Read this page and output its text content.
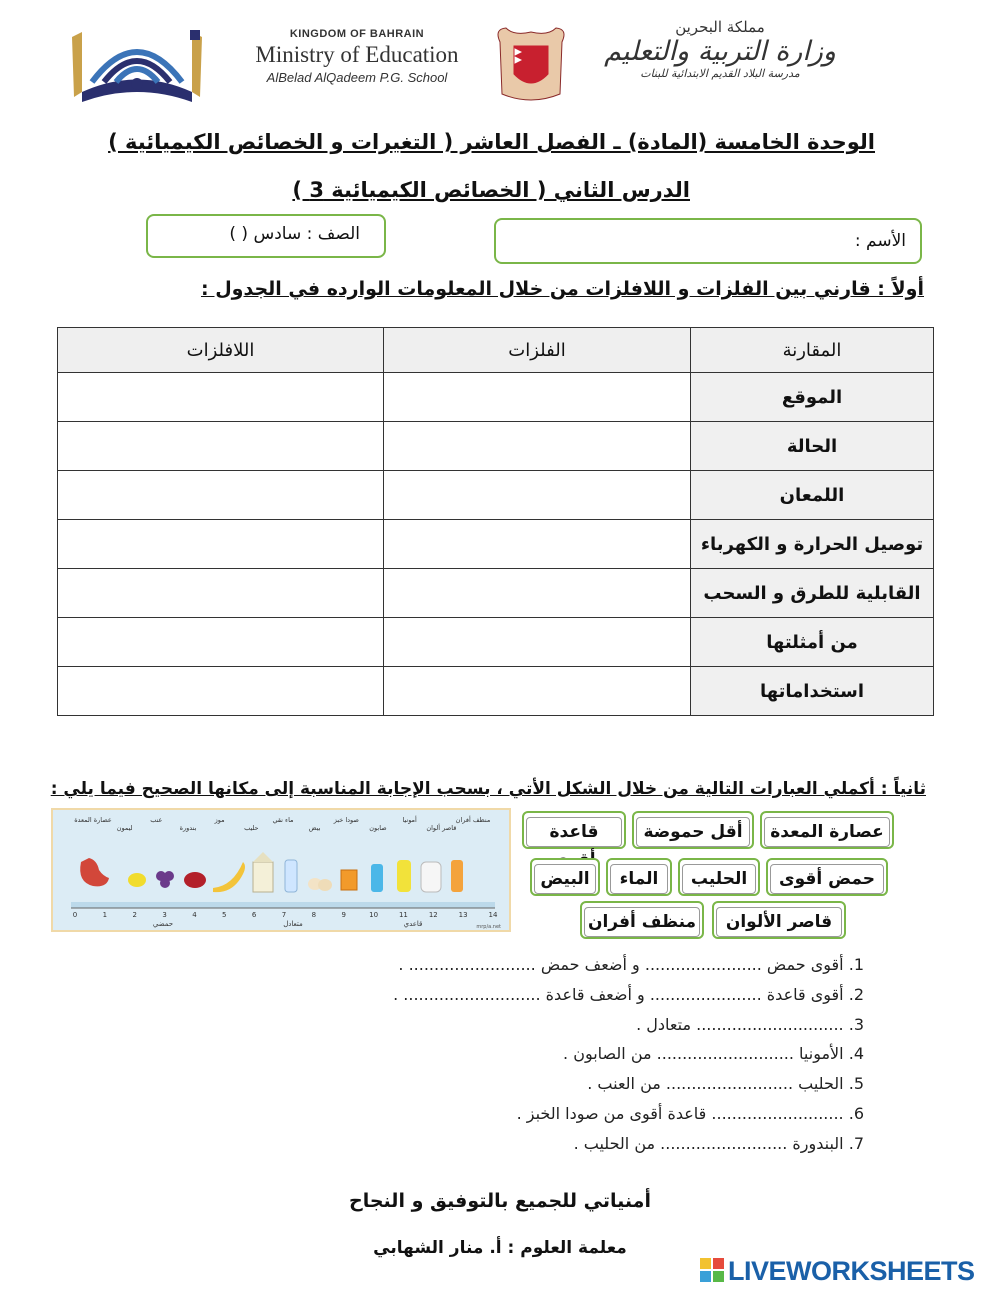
KINGDOM OF BAHRAIN
Ministry of Education
AlBelad AlQadeem P.G. School
مملكة البحرين
وزارة التربية والتعليم
مدرسة البلاد القديم الابتدائية للبنات
الوحدة الخامسة (المادة) ـ الفصل العاشر ( التغيرات و الخصائص الكيميائية )
الدرس الثاني ( الخصائص الكيميائية 3 )
الصف : سادس ( )	الأسم :
أولاً : قارني بين الفلزات و اللافلزات من خلال المعلومات الوارده في الجدول :
المقارنة	الفلزات	اللافلزات
الموقع		
الحالة		
اللمعان		
توصيل الحرارة و الكهرباء		
القابلية للطرق و السحب		
من أمثلتها		
استخداماتها		
ثانياً : أكملي العبارات التالية من خلال الشكل الأتي ، بسحب الإجابة المناسبة إلى مكانها الصحيح فيما يلي :
عصارة المعدة
ليمون
عنب
بندورة
موز
حليب
ماء نقي
بيض
صودا خبز
صابون
أمونيا
قاصر ألوان
منظف أفران
0	1	2	3	4	5	6	7	8	9	10	11	12	13	14
حمضي	متعادل	قاعدي	mrp/a.net
عصارة المعدة
أقل حموضة
قاعدة
حمض أقوى
الحليب
الماء
البيض
قاصر الألوان
منظف أفران
1. أقوى حمض ....................... و أضعف حمض ......................... .
2. أقوى قاعدة ...................... و أضعف قاعدة ........................... .
3. ............................. متعادل .
4. الأمونيا ........................... من الصابون .
5. الحليب ......................... من العنب .
6. .......................... قاعدة أقوى من صودا الخبز .
7. البندورة ......................... من الحليب .
أمنياتي للجميع بالتوفيق و النجاح
معلمة العلوم : أ. منار الشهابي
LIVEWORKSHEETS
